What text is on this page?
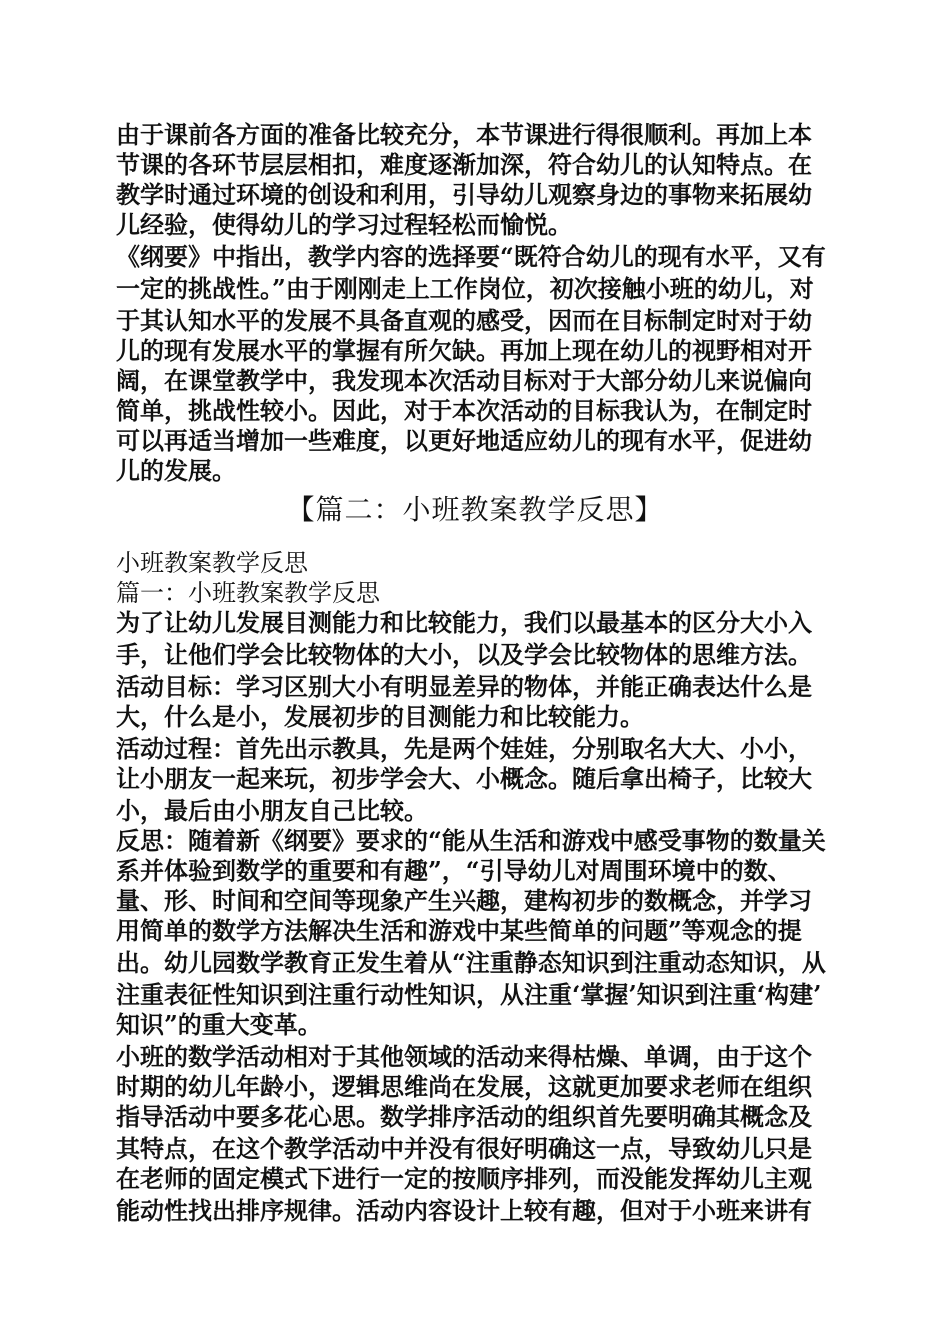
由于课前各方面的准备比较充分，本节课进行得很顺利。再加上本
节课的各环节层层相扣，难度逐渐加深，符合幼儿的认知特点。在
教学时通过环境的创设和利用，引导幼儿观察身边的事物来拓展幼
儿经验，使得幼儿的学习过程轻松而愉悦。
《纲要》中指出，教学内容的选择要“既符合幼儿的现有水平，又有
一定的挑战性。”由于刚刚走上工作岗位，初次接触小班的幼儿，对
于其认知水平的发展不具备直观的感受，因而在目标制定时对于幼
儿的现有发展水平的掌握有所欠缺。再加上现在幼儿的视野相对开
阔，在课堂教学中，我发现本次活动目标对于大部分幼儿来说偏向
简单，挑战性较小。因此，对于本次活动的目标我认为，在制定时
可以再适当增加一些难度，以更好地适应幼儿的现有水平，促进幼
儿的发展。
【篇二：小班教案教学反思】
小班教案教学反思
篇一：小班教案教学反思
为了让幼儿发展目测能力和比较能力，我们以最基本的区分大小入
手，让他们学会比较物体的大小，以及学会比较物体的思维方法。
活动目标：学习区别大小有明显差异的物体，并能正确表达什么是
大，什么是小，发展初步的目测能力和比较能力。
活动过程：首先出示教具，先是两个娃娃，分别取名大大、小小，
让小朋友一起来玩，初步学会大、小概念。随后拿出椅子，比较大
小，最后由小朋友自己比较。
反思：随着新《纲要》要求的“能从生活和游戏中感受事物的数量关
系并体验到数学的重要和有趣”，“引导幼儿对周围环境中的数、
量、形、时间和空间等现象产生兴趣，建构初步的数概念，并学习
用简单的数学方法解决生活和游戏中某些简单的问题”等观念的提
出。幼儿园数学教育正发生着从“注重静态知识到注重动态知识，从
注重表征性知识到注重行动性知识，从注重‘掌握’知识到注重‘构建’
知识”的重大变革。
小班的数学活动相对于其他领域的活动来得枯燥、单调，由于这个
时期的幼儿年龄小，逻辑思维尚在发展，这就更加要求老师在组织
指导活动中要多花心思。数学排序活动的组织首先要明确其概念及
其特点，在这个教学活动中并没有很好明确这一点，导致幼儿只是
在老师的固定模式下进行一定的按顺序排列，而没能发挥幼儿主观
能动性找出排序规律。活动内容设计上较有趣，但对于小班来讲有
